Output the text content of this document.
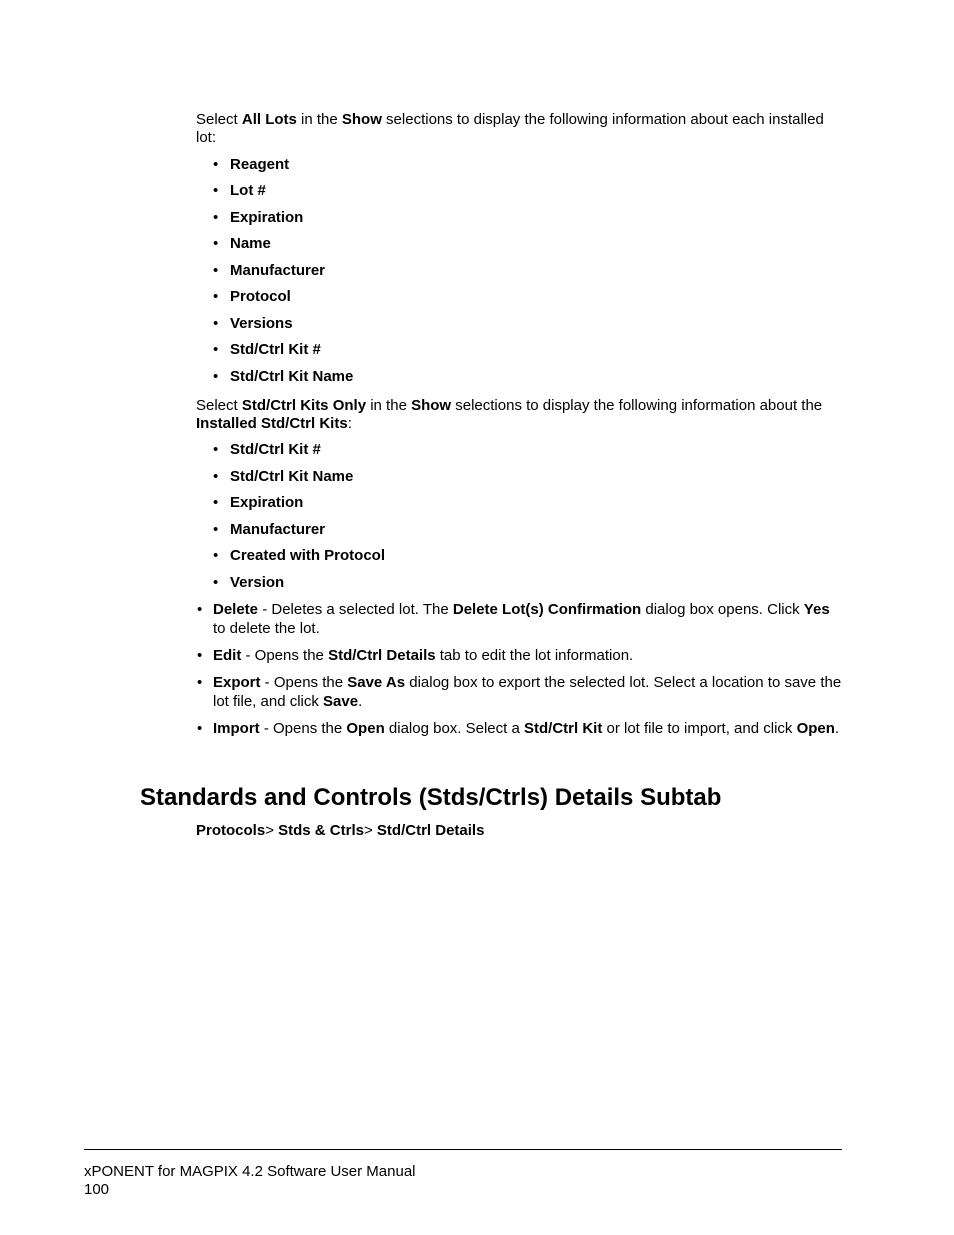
Select All Lots in the Show selections to display the following information about each installed lot:

• Reagent
• Lot #
• Expiration
• Name
• Manufacturer
• Protocol
• Versions
• Std/Ctrl Kit #
• Std/Ctrl Kit Name

Select Std/Ctrl Kits Only in the Show selections to display the following information about the Installed Std/Ctrl Kits:

• Std/Ctrl Kit #
• Std/Ctrl Kit Name
• Expiration
• Manufacturer
• Created with Protocol
• Version
• Delete - Deletes a selected lot. The Delete Lot(s) Confirmation dialog box opens. Click Yes to delete the lot.
• Edit - Opens the Std/Ctrl Details tab to edit the lot information.
• Export - Opens the Save As dialog box to export the selected lot. Select a location to save the lot file, and click Save.
• Import - Opens the Open dialog box. Select a Std/Ctrl Kit or lot file to import, and click Open.
Standards and Controls (Stds/Ctrls) Details Subtab
Protocols> Stds & Ctrls> Std/Ctrl Details
xPONENT for MAGPIX 4.2 Software User Manual
100
